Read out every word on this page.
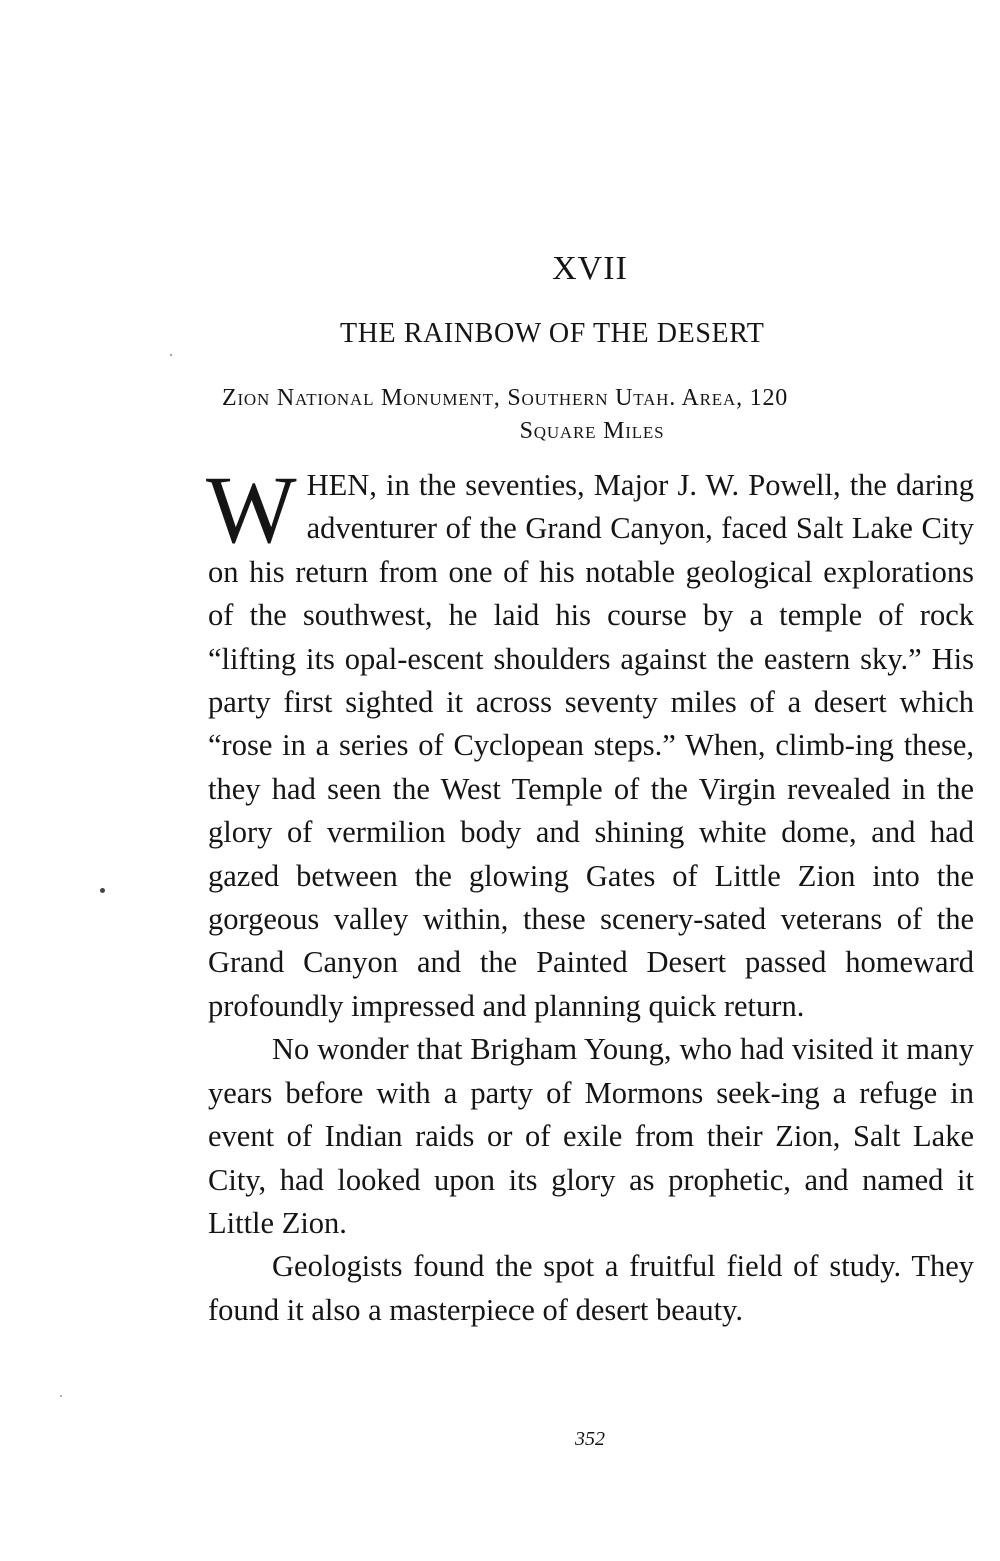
XVII
THE RAINBOW OF THE DESERT
Zion National Monument, Southern Utah. Area, 120
Square Miles

WHEN, in the seventies, Major J. W. Powell, the daring adventurer of the Grand Canyon, faced Salt Lake City on his return from one of his notable geological explorations of the southwest, he laid his course by a temple of rock “lifting its opal-escent shoulders against the eastern sky.” His party first sighted it across seventy miles of a desert which “rose in a series of Cyclopean steps.” When, climb-ing these, they had seen the West Temple of the Virgin revealed in the glory of vermilion body and shining white dome, and had gazed between the glowing Gates of Little Zion into the gorgeous valley within, these scenery-sated veterans of the Grand Canyon and the Painted Desert passed homeward profoundly impressed and planning quick return.

No wonder that Brigham Young, who had visited it many years before with a party of Mormons seek-ing a refuge in event of Indian raids or of exile from their Zion, Salt Lake City, had looked upon its glory as prophetic, and named it Little Zion.

Geologists found the spot a fruitful field of study. They found it also a masterpiece of desert beauty.

352
